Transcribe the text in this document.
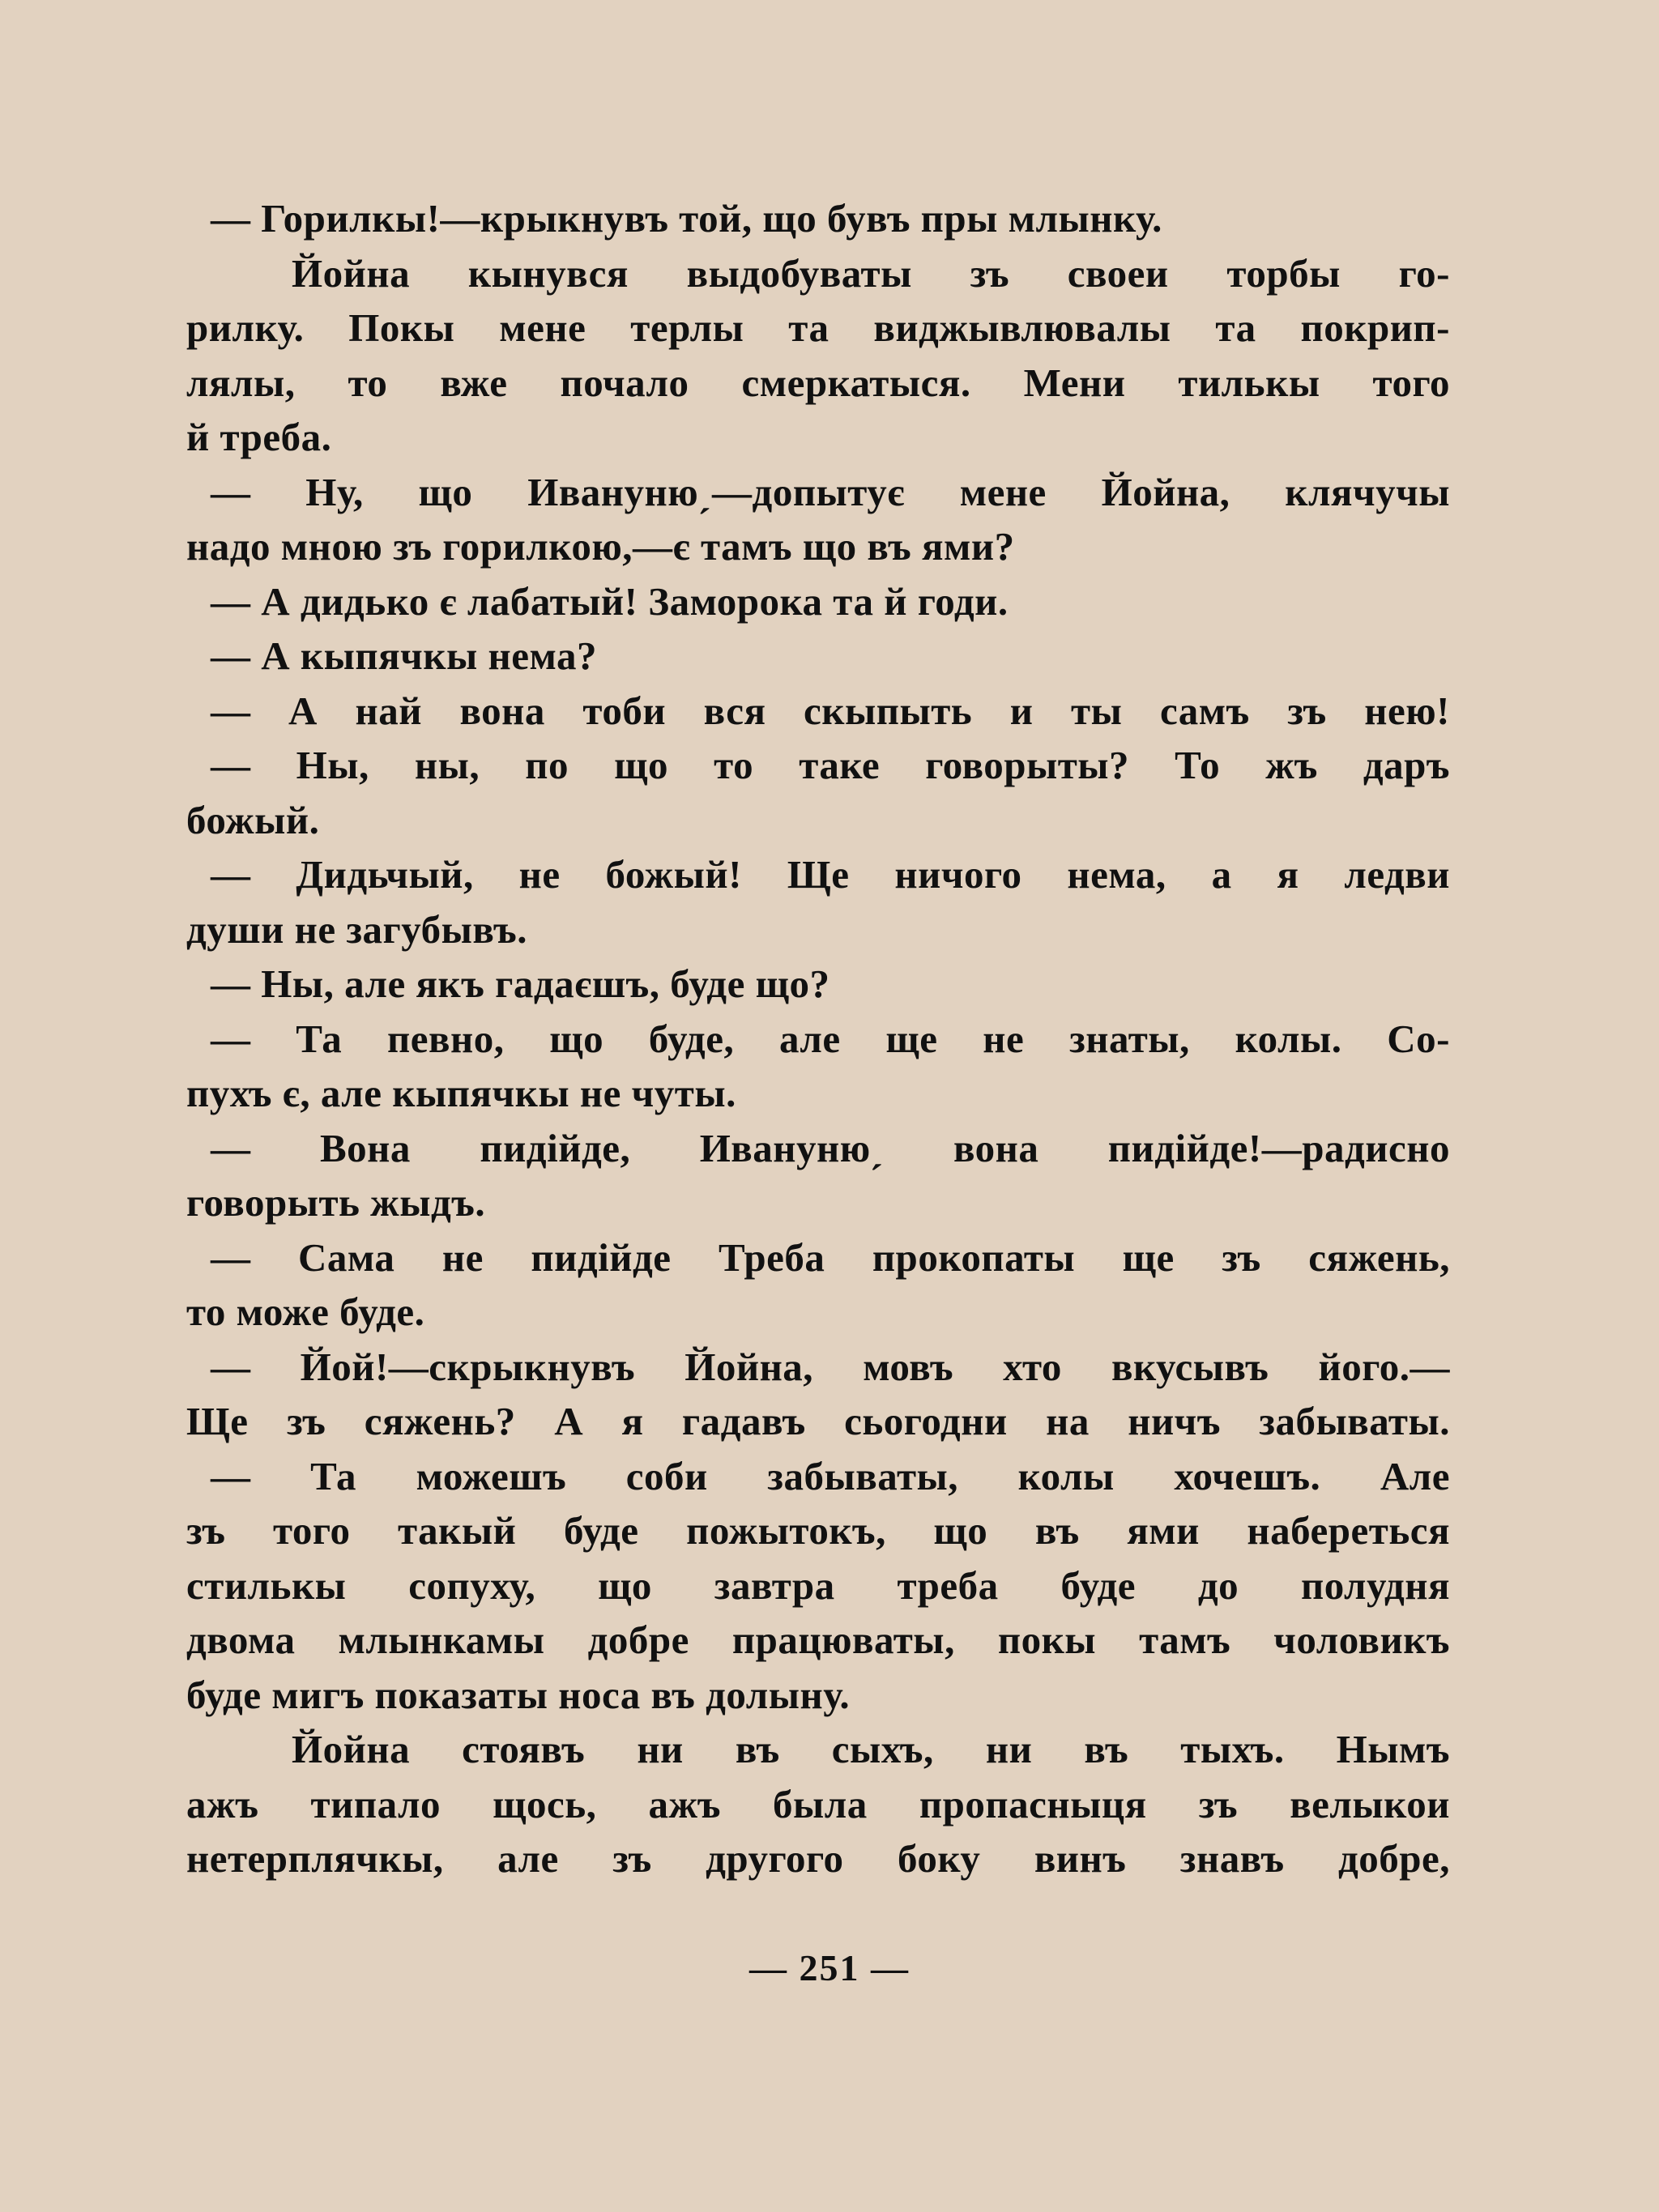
— Горилкы!—крыкнувъ той, що бувъ пры млынку.
Йойна кынувся выдобуваты зъ своеи торбы го-
рилку. Покы мене терлы та виджывлювалы та покрип-
лялы, то вже почало смеркатыся. Мени тилькы того
й треба.
— Ну, що Иванунюˏ—допытує мене Йойна, клячучы
надо мною зъ горилкою,—є тамъ що въ ями?
— А дидько є лабатый! Заморока та й годи.
— А кыпячкы нема?
— А най вона тоби вся скыпыть и ты самъ зъ нею!
— Ны, ны, по що то таке говорыты? То жъ даръ
божый.
— Дидьчый, не божый! Ще ничого нема, а я ледви
души не загубывъ.
— Ны, але якъ гадаєшъ, буде що?
— Та певно, що буде, але ще не знаты, колы. Со-
пухъ є, але кыпячкы не чуты.
— Вона пидійде, Иванунюˏ вона пидійде!—радисно
говорыть жыдъ.
— Сама не пидійде Треба прокопаты ще зъ сяжень,
то може буде.
— Йой!—скрыкнувъ Йойна, мовъ хто вкусывъ його.—
Ще зъ сяжень? А я гадавъ сьогодни на ничъ забываты.
— Та можешъ соби забываты, колы хочешъ. Але
зъ того такый буде пожытокъ, що въ ями набереться
стилькы сопуху, що завтра треба буде до полудня
двома млынкамы добре працюваты, покы тамъ чоловикъ
буде мигъ показаты носа въ долыну.
Йойна стоявъ ни въ сыхъ, ни въ тыхъ. Нымъ
ажъ типало щось, ажъ была пропасныця зъ велыкои
нетерплячкы, але зъ другого боку винъ знавъ добре,
— 251 —
